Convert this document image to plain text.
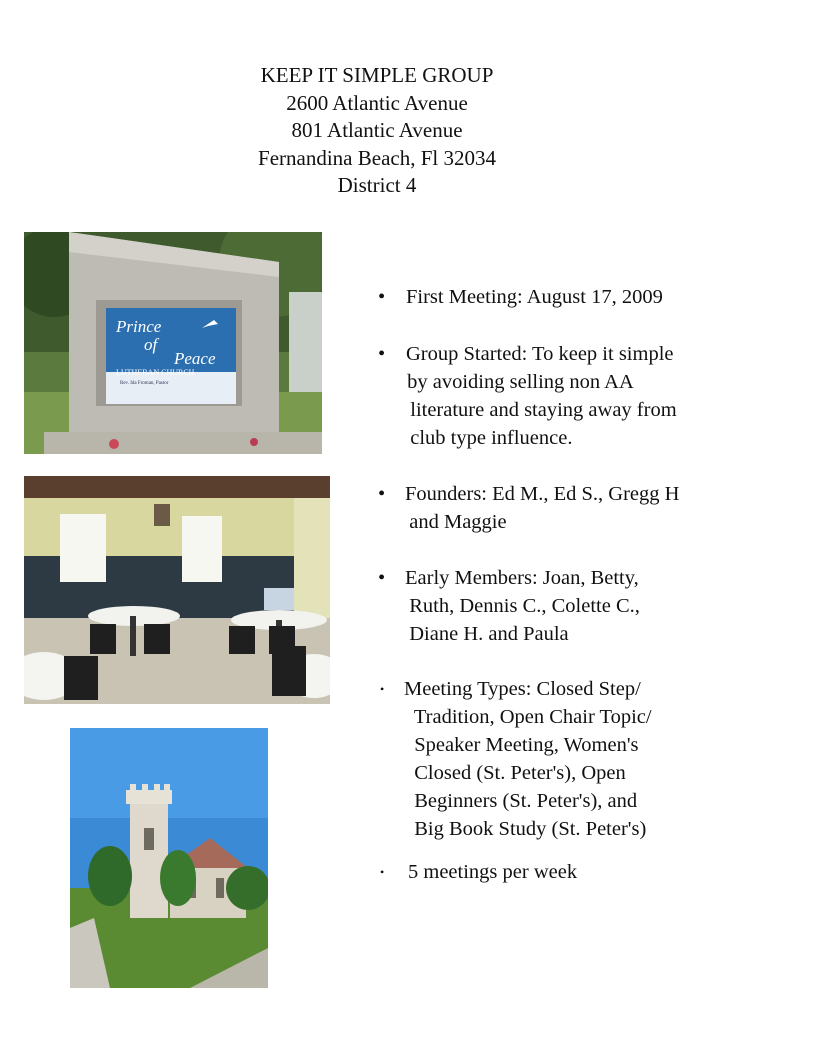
KEEP IT SIMPLE GROUP
2600 Atlantic Avenue
801 Atlantic Avenue
Fernandina Beach, Fl 32034
District 4
Prince
of
Peace
LUTHERAN CHURCH
Rev. Ida Froman, Pastor
• First Meeting: August 17, 2009
• Group Started: To keep it simple
by avoiding selling non AA
literature and staying away from
club type influence.
• Founders: Ed M., Ed S., Gregg H
and Maggie
• Early Members: Joan, Betty,
Ruth, Dennis C., Colette C.,
Diane H. and Paula
• Meeting Types: Closed Step/
Tradition, Open Chair Topic/
Speaker Meeting, Women's
Closed (St. Peter's), Open
Beginners (St. Peter's), and
Big Book Study (St. Peter's)
• 5 meetings per week
